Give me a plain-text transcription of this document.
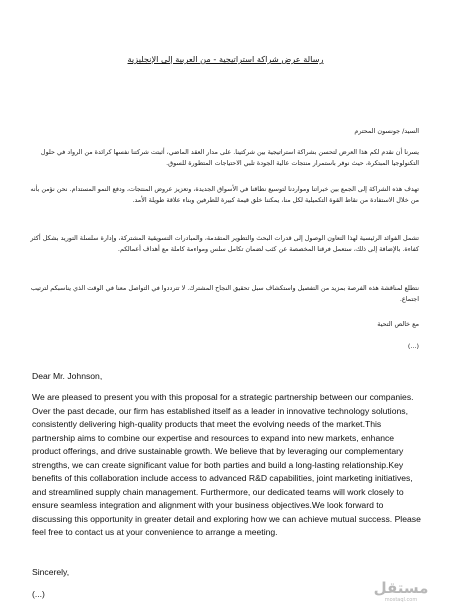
رسالة عرض شراكة استراتيجية - من العربية إلى الإنجليزية
السيد/ جونسون المحترم
يسرنا أن نقدم لكم هذا العرض لتحسن بشراكة استراتيجية بين شركتينا. على مدار العقد الماضي، أثبتت شركتنا نفسها كرائدة من الرواد في حلول التكنولوجيا المبتكرة، حيث نوفر باستمرار منتجات عالية الجودة تلبي الاحتياجات المتطورة للسوق.
تهدف هذه الشراكة إلى الجمع بين خبراتنا ومواردنا لتوسيع نطاقنا في الأسواق الجديدة، وتعزيز عروض المنتجات، ودفع النمو المستدام. نحن نؤمن بأنه من خلال الاستفادة من نقاط القوة التكميلية لكل منا، يمكننا خلق قيمة كبيرة للطرفين وبناء علاقة طويلة الأمد.
تشمل الفوائد الرئيسية لهذا التعاون الوصول إلى قدرات البحث والتطوير المتقدمة، والمبادرات التسويقية المشتركة، وإدارة سلسلة التوريد بشكل أكثر كفاءة. بالإضافة إلى ذلك، ستعمل فرقنا المخصصة عن كثب لضمان تكامل سلس ومواءمة كاملة مع أهداف أعمالكم.
نتطلع لمناقشة هذه الفرصة بمزيد من التفصيل واستكشاف سبل تحقيق النجاح المشترك. لا تترددوا في التواصل معنا في الوقت الذي يناسبكم لترتيب اجتماع.
مع خالص التحية
(...)
Dear Mr. Johnson,
We are pleased to present you with this proposal for a strategic partnership between our companies. Over the past decade, our firm has established itself as a leader in innovative technology solutions, consistently delivering high-quality products that meet the evolving needs of the market.This partnership aims to combine our expertise and resources to expand into new markets, enhance product offerings, and drive sustainable growth. We believe that by leveraging our complementary strengths, we can create significant value for both parties and build a long-lasting relationship.Key benefits of this collaboration include access to advanced R&D capabilities, joint marketing initiatives, and streamlined supply chain management. Furthermore, our dedicated teams will work closely to ensure seamless integration and alignment with your business objectives.We look forward to discussing this opportunity in greater detail and exploring how we can achieve mutual success. Please feel free to contact us at your convenience to arrange a meeting.
Sincerely,
(...)	مستقل
mostaql.com
